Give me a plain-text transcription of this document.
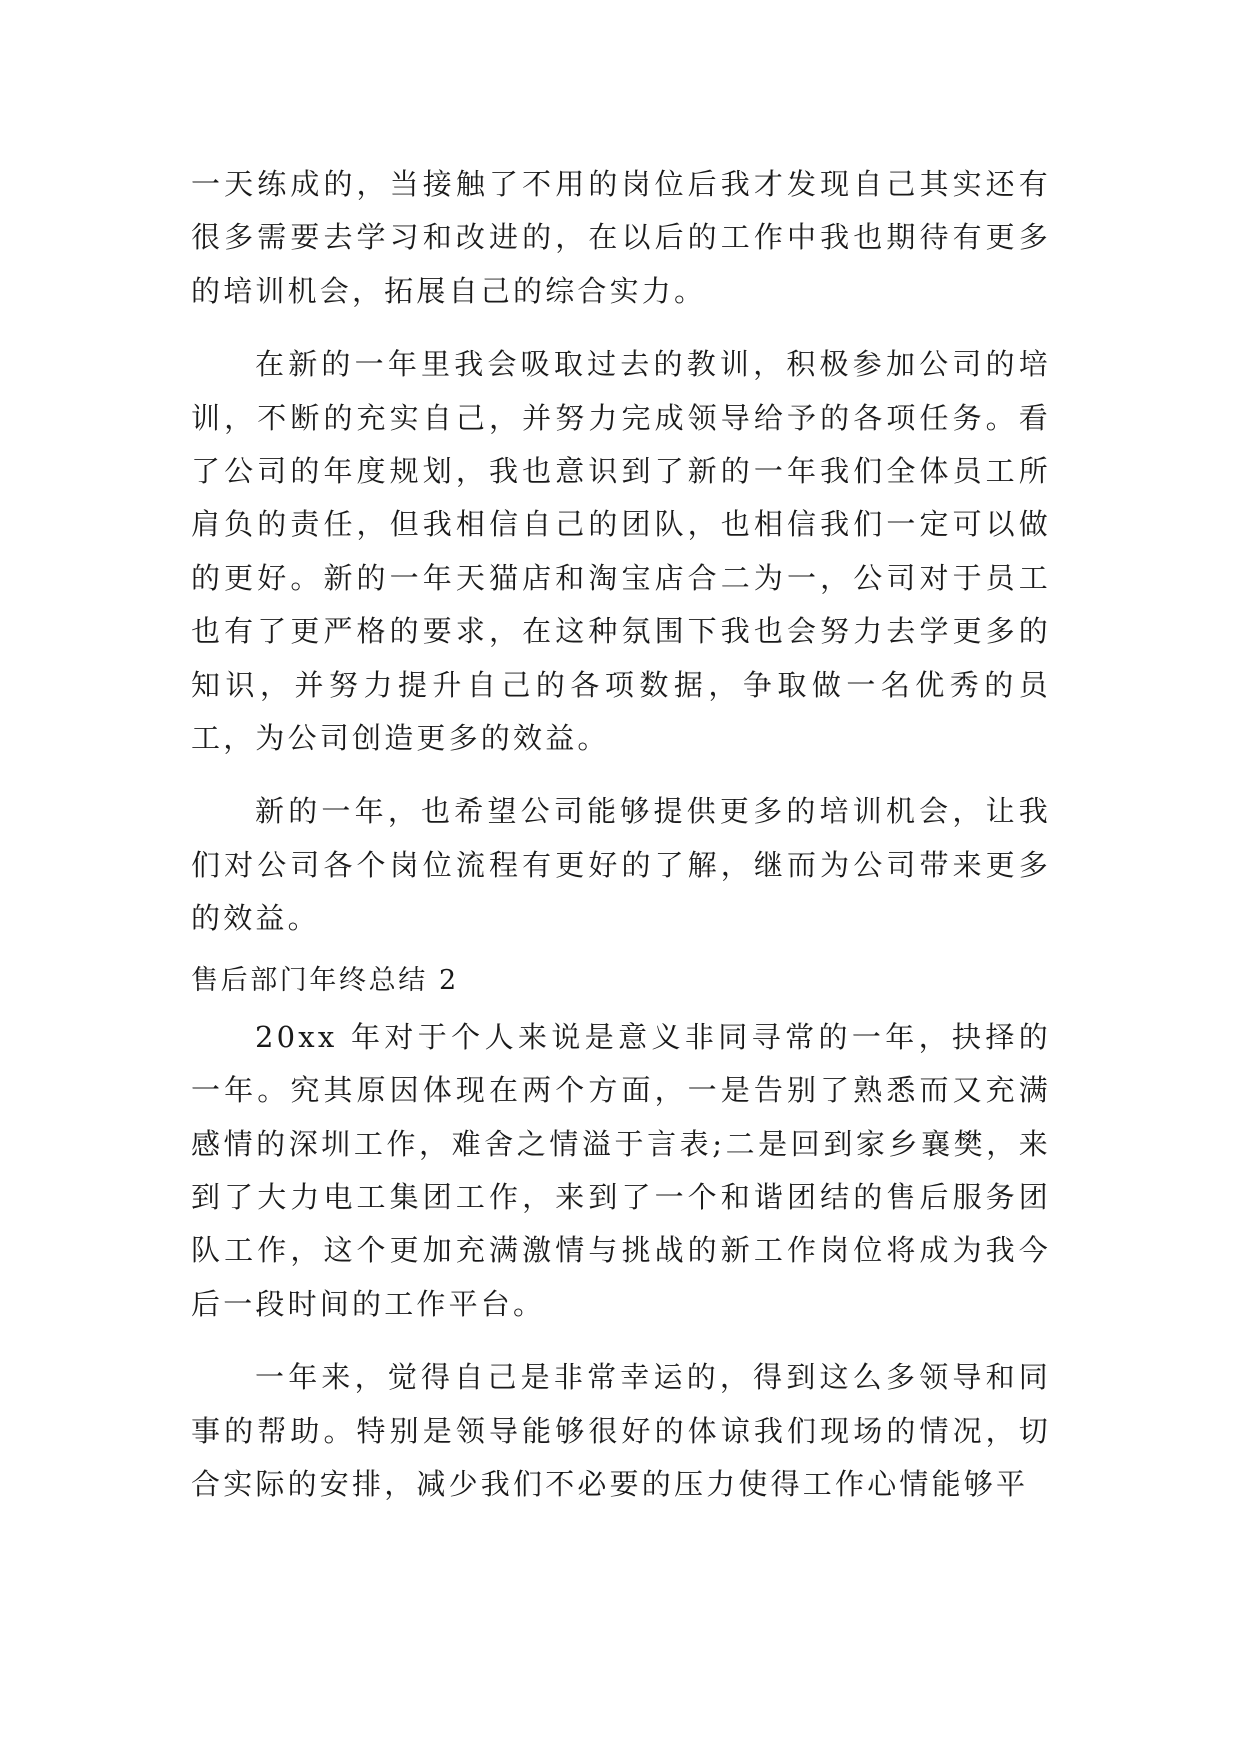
一天练成的，当接触了不用的岗位后我才发现自己其实还有很多需要去学习和改进的，在以后的工作中我也期待有更多的培训机会，拓展自己的综合实力。

在新的一年里我会吸取过去的教训，积极参加公司的培训，不断的充实自己，并努力完成领导给予的各项任务。看了公司的年度规划，我也意识到了新的一年我们全体员工所肩负的责任，但我相信自己的团队，也相信我们一定可以做的更好。新的一年天猫店和淘宝店合二为一，公司对于员工也有了更严格的要求，在这种氛围下我也会努力去学更多的知识，并努力提升自己的各项数据，争取做一名优秀的员工，为公司创造更多的效益。

新的一年，也希望公司能够提供更多的培训机会，让我们对公司各个岗位流程有更好的了解，继而为公司带来更多的效益。

售后部门年终总结 2

20xx 年对于个人来说是意义非同寻常的一年，抉择的一年。究其原因体现在两个方面，一是告别了熟悉而又充满感情的深圳工作，难舍之情溢于言表;二是回到家乡襄樊，来到了大力电工集团工作，来到了一个和谐团结的售后服务团队工作，这个更加充满激情与挑战的新工作岗位将成为我今后一段时间的工作平台。

一年来，觉得自己是非常幸运的，得到这么多领导和同事的帮助。特别是领导能够很好的体谅我们现场的情况，切合实际的安排，减少我们不必要的压力使得工作心情能够平
